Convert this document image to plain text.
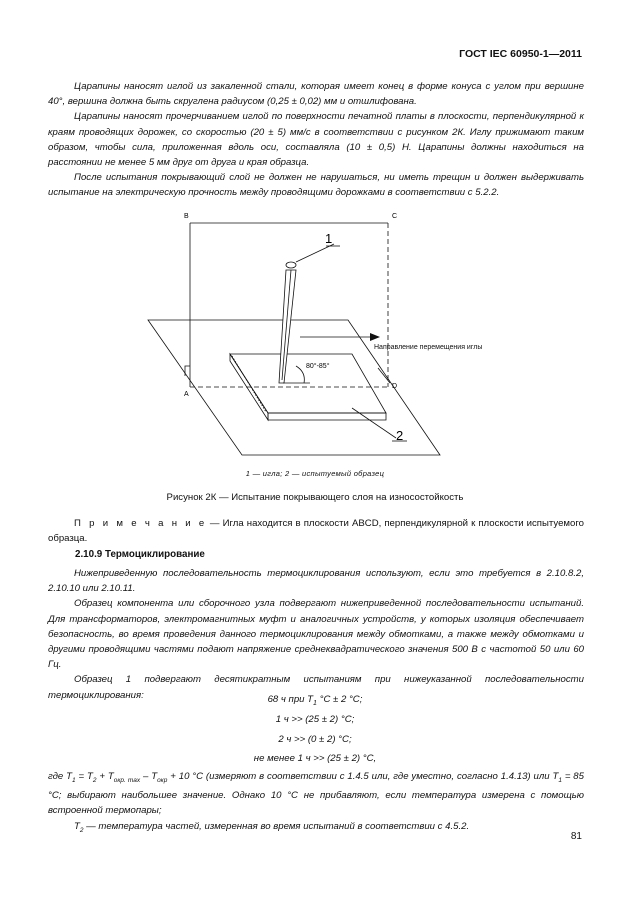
ГОСТ IEC 60950-1—2011

Царапины наносят иглой из закаленной стали, которая имеет конец в форме конуса с углом при вершине 40°, вершина должна быть скруглена радиусом (0,25 ± 0,02) мм и отшлифована.

Царапины наносят прочерчиванием иглой по поверхности печатной платы в плоскости, перпендикулярной к краям проводящих дорожек, со скоростью (20 ± 5) мм/с в соответствии с рисунком 2К. Иглу прижимают таким образом, чтобы сила, приложенная вдоль оси, составляла (10 ± 0,5) Н. Царапины должны находиться на расстоянии не менее 5 мм друг от друга и края образца.

После испытания покрывающий слой не должен не нарушаться, ни иметь трещин и должен выдерживать испытание на электрическую прочность между проводящими дорожками в соответствии с 5.2.2.

B	C
A
D
1
2
80°-85°
Направление перемещения иглы
1 — игла; 2 — испытуемый образец
Рисунок 2К — Испытание покрывающего слоя на износостойкость
П р и м е ч а н и е — Игла находится в плоскости ABCD, перпендикулярной к плоскости испытуемого образца.
2.10.9 Термоциклирование

Нижеприведенную последовательность термоциклирования используют, если это требуется в 2.10.8.2, 2.10.10 или 2.10.11.

Образец компонента или сборочного узла подвергают нижеприведенной последовательности испытаний. Для трансформаторов, электромагнитных муфт и аналогичных устройств, у которых изоляция обеспечивает безопасность, во время проведения данного термоциклирования между обмотками, а также между обмотками и другими проводящими частями подают напряжение среднеквадратического значения 500 В с частотой 50 или 60 Гц.

Образец 1 подвергают десятикратным испытаниям при нижеуказанной последовательности термоциклирования:	68 ч при $T_1$ °C ± 2 °C;
1 ч >> (25 ± 2) °C;
2 ч >> (0 ± 2) °C;
не менее 1 ч >> (25 ± 2) °C,

где $T_1 = T_2 + T_{окр. max} - T_{окр} + 10$ °C (измеряют в соответствии с 1.4.5 или, где уместно, согласно 1.4.13) или $T_1 = 85$ °C; выбирают наибольшее значение. Однако 10 °C не прибавляют, если температура измерена с помощью встроенной термопары;

$T_2$ — температура частей, измеренная во время испытаний в соответствии с 4.5.2.

81
